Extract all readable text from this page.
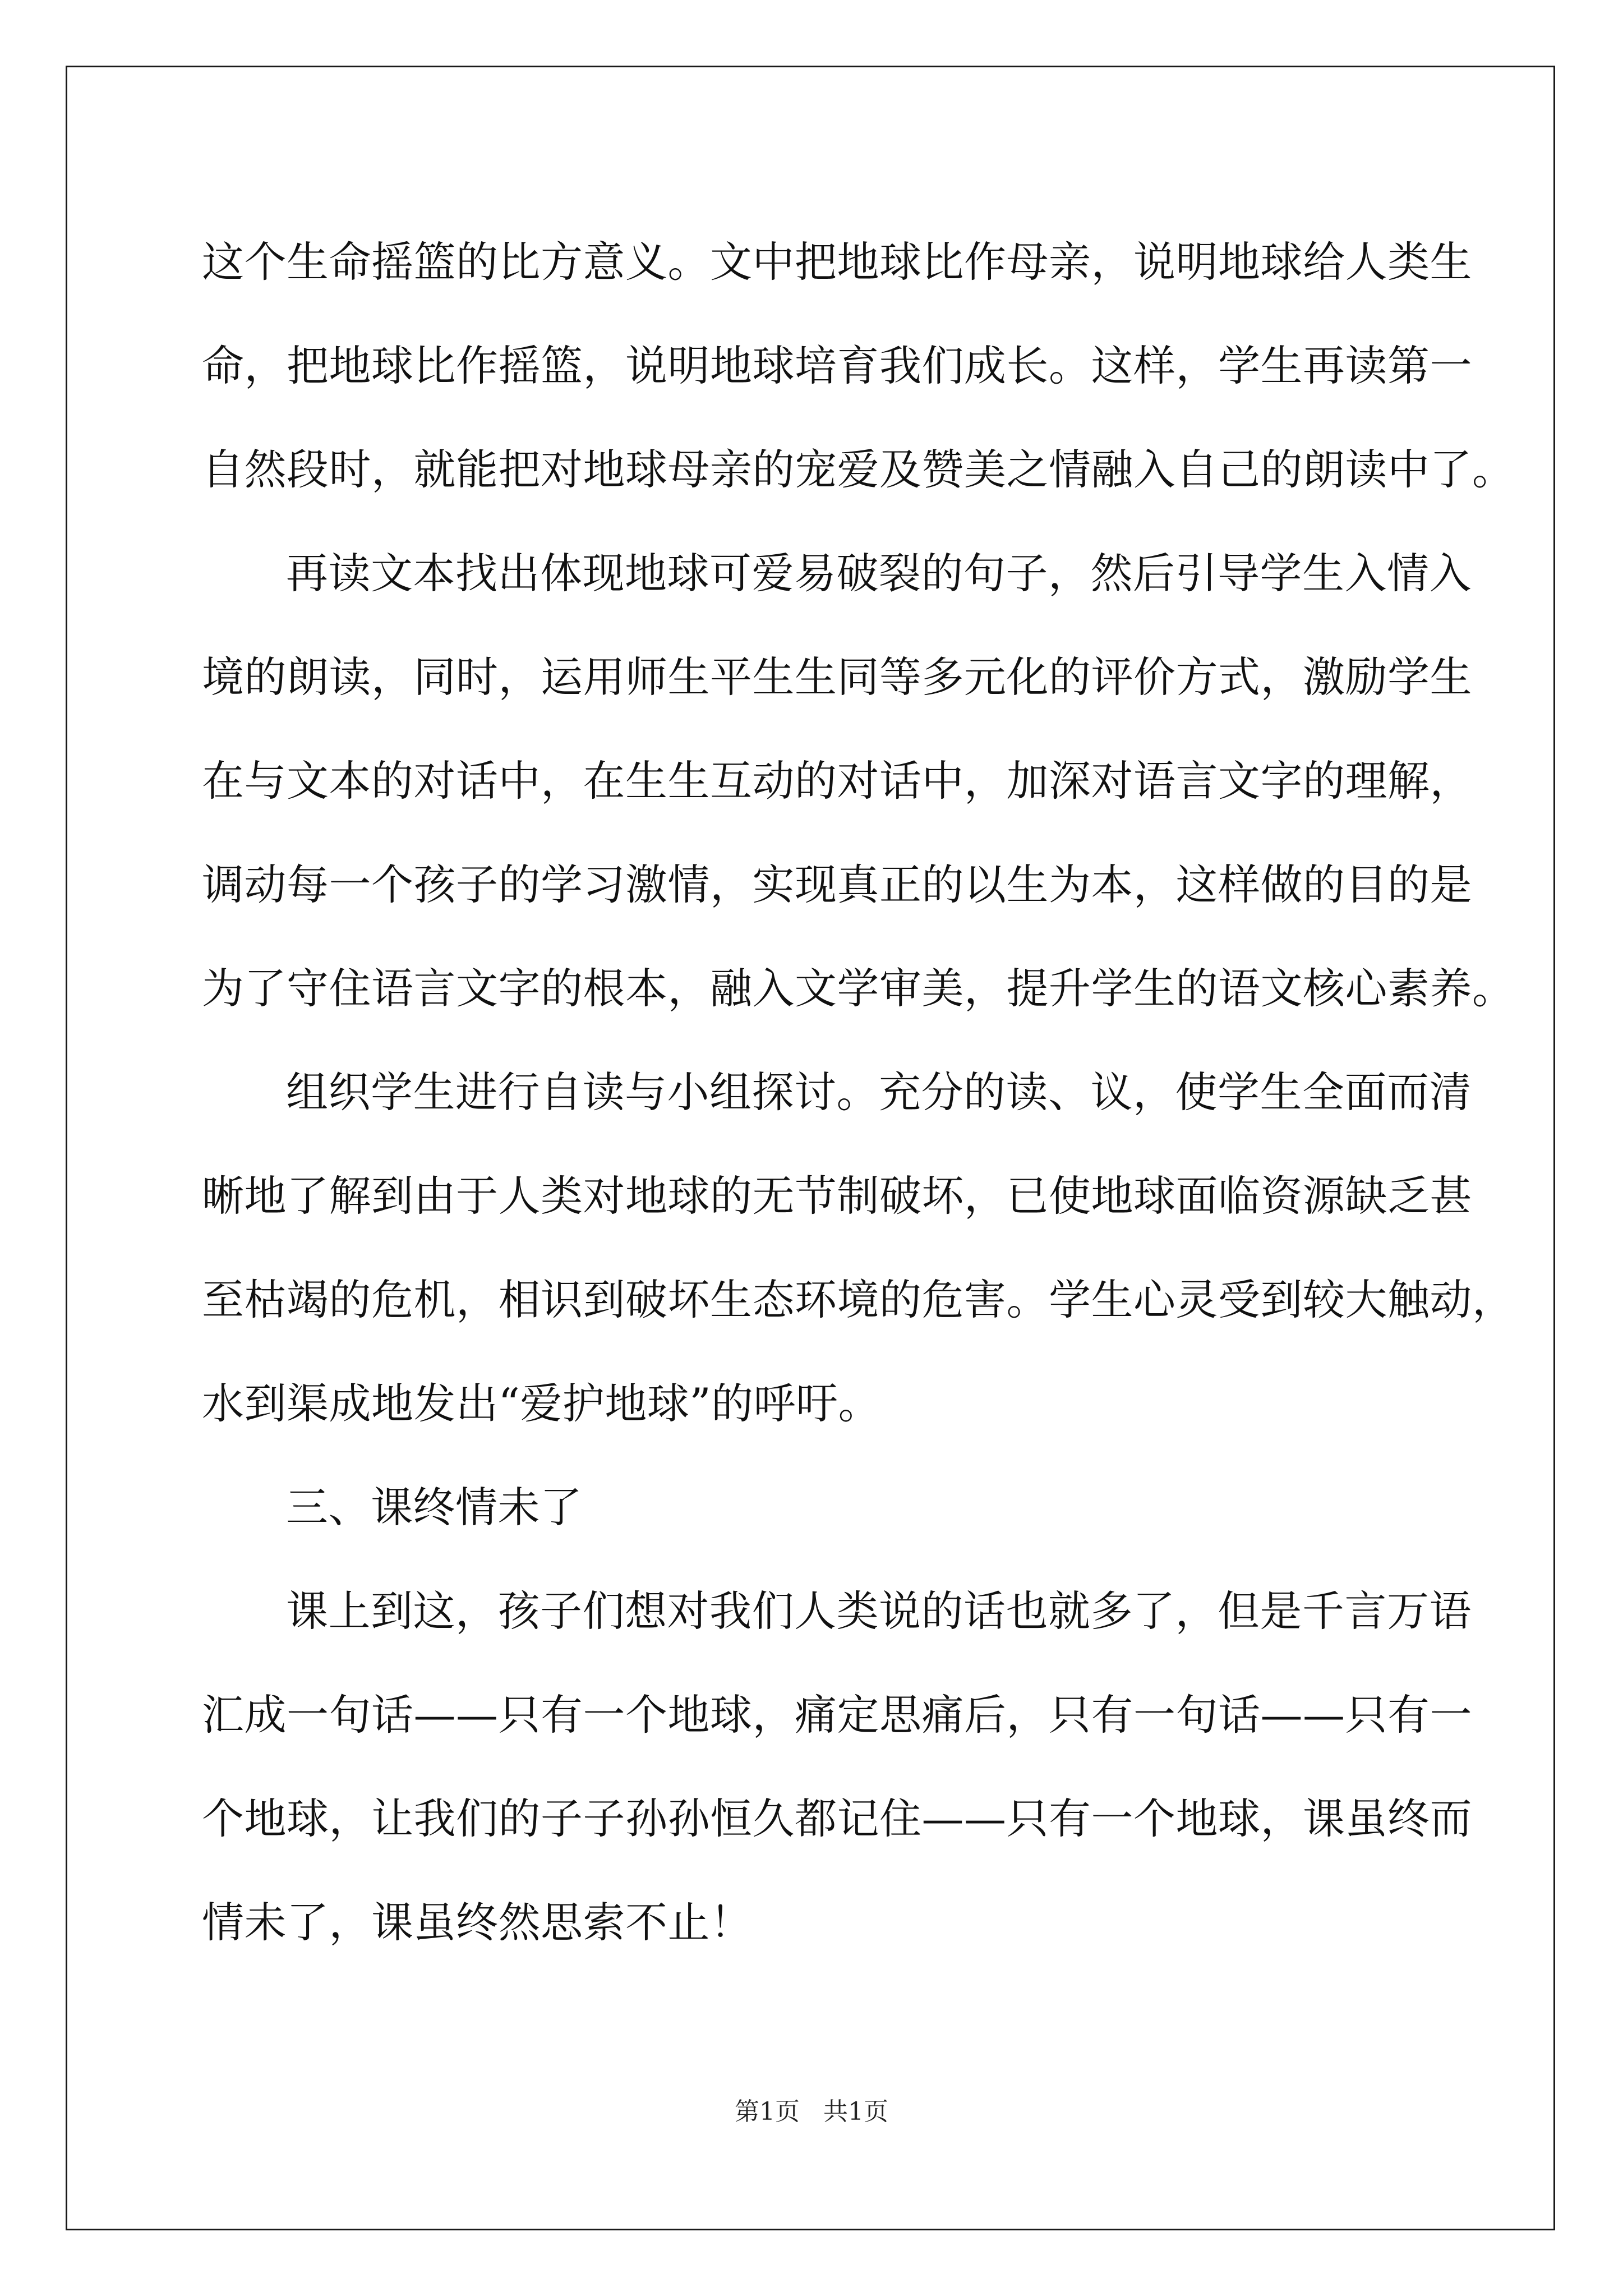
这个生命摇篮的比方意义。文中把地球比作母亲，说明地球给人类生
命，把地球比作摇篮，说明地球培育我们成长。这样，学生再读第一
自然段时，就能把对地球母亲的宠爱及赞美之情融入自己的朗读中了。
再读文本找出体现地球可爱易破裂的句子，然后引导学生入情入
境的朗读，同时，运用师生平生生同等多元化的评价方式，激励学生
在与文本的对话中，在生生互动的对话中，加深对语言文字的理解，
调动每一个孩子的学习激情，实现真正的以生为本，这样做的目的是
为了守住语言文字的根本，融入文学审美，提升学生的语文核心素养。
组织学生进行自读与小组探讨。充分的读、议，使学生全面而清
晰地了解到由于人类对地球的无节制破坏，已使地球面临资源缺乏甚
至枯竭的危机，相识到破坏生态环境的危害。学生心灵受到较大触动，
水到渠成地发出“爱护地球”的呼吁。
三、课终情未了
课上到这，孩子们想对我们人类说的话也就多了，但是千言万语
汇成一句话——只有一个地球，痛定思痛后，只有一句话——只有一
个地球，让我们的子子孙孙恒久都记住——只有一个地球，课虽终而
情未了，课虽终然思索不止！
第1页   共1页
